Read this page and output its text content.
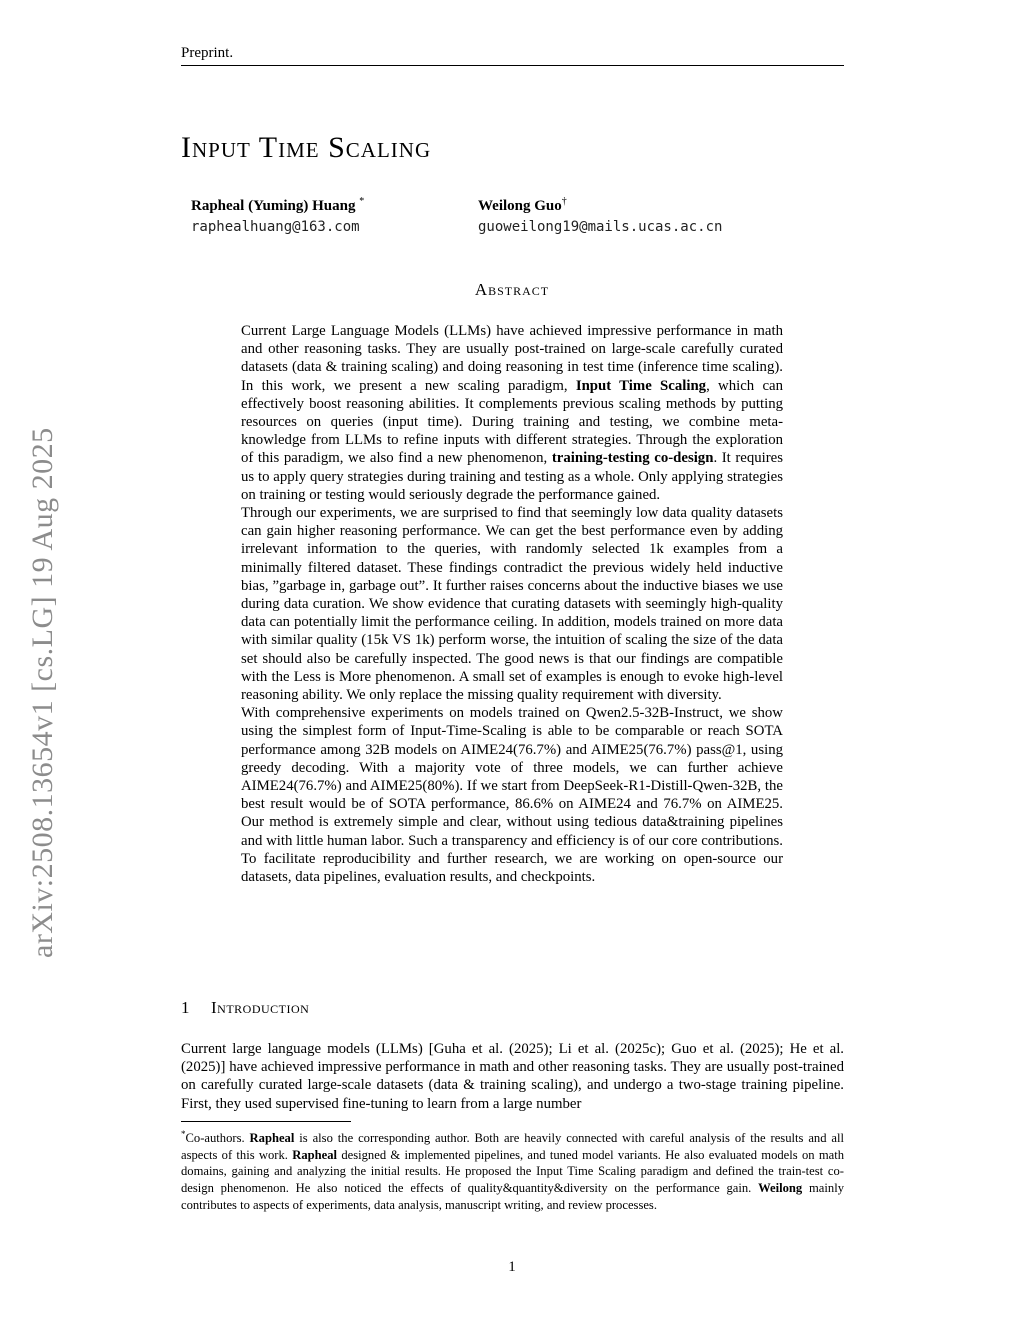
Preprint.
Input Time Scaling
Rapheal (Yuming) Huang *
raphealhuang@163.com
Weilong Guo†
guoweilong19@mails.ucas.ac.cn
arXiv:2508.13654v1 [cs.LG] 19 Aug 2025
Abstract

Current Large Language Models (LLMs) have achieved impressive performance in math and other reasoning tasks. They are usually post-trained on large-scale carefully curated datasets (data & training scaling) and doing reasoning in test time (inference time scaling). In this work, we present a new scaling paradigm, Input Time Scaling, which can effectively boost reasoning abilities. It complements previous scaling methods by putting resources on queries (input time). During training and testing, we combine meta-knowledge from LLMs to refine inputs with different strategies. Through the exploration of this paradigm, we also find a new phenomenon, training-testing co-design. It requires us to apply query strategies during training and testing as a whole. Only applying strategies on training or testing would seriously degrade the performance gained.

Through our experiments, we are surprised to find that seemingly low data quality datasets can gain higher reasoning performance. We can get the best performance even by adding irrelevant information to the queries, with randomly selected 1k examples from a minimally filtered dataset. These findings contradict the previous widely held inductive bias, ”garbage in, garbage out”. It further raises concerns about the inductive biases we use during data curation. We show evidence that curating datasets with seemingly high-quality data can potentially limit the performance ceiling. In addition, models trained on more data with similar quality (15k VS 1k) perform worse, the intuition of scaling the size of the data set should also be carefully inspected. The good news is that our findings are compatible with the Less is More phenomenon. A small set of examples is enough to evoke high-level reasoning ability. We only replace the missing quality requirement with diversity.

With comprehensive experiments on models trained on Qwen2.5-32B-Instruct, we show using the simplest form of Input-Time-Scaling is able to be comparable or reach SOTA performance among 32B models on AIME24(76.7%) and AIME25(76.7%) pass@1, using greedy decoding. With a majority vote of three models, we can further achieve AIME24(76.7%) and AIME25(80%). If we start from DeepSeek-R1-Distill-Qwen-32B, the best result would be of SOTA performance, 86.6% on AIME24 and 76.7% on AIME25. Our method is extremely simple and clear, without using tedious data&training pipelines and with little human labor. Such a transparency and efficiency is of our core contributions. To facilitate reproducibility and further research, we are working on open-source our datasets, data pipelines, evaluation results, and checkpoints.

1 Introduction

Current large language models (LLMs) [Guha et al. (2025); Li et al. (2025c); Guo et al. (2025); He et al. (2025)] have achieved impressive performance in math and other reasoning tasks. They are usually post-trained on carefully curated large-scale datasets (data & training scaling), and undergo a two-stage training pipeline. First, they used supervised fine-tuning to learn from a large number

*Co-authors. Rapheal is also the corresponding author. Both are heavily connected with careful analysis of the results and all aspects of this work. Rapheal designed & implemented pipelines, and tuned model variants. He also evaluated models on math domains, gaining and analyzing the initial results. He proposed the Input Time Scaling paradigm and defined the train-test co-design phenomenon. He also noticed the effects of quality&quantity&diversity on the performance gain. Weilong mainly contributes to aspects of experiments, data analysis, manuscript writing, and review processes.

1
